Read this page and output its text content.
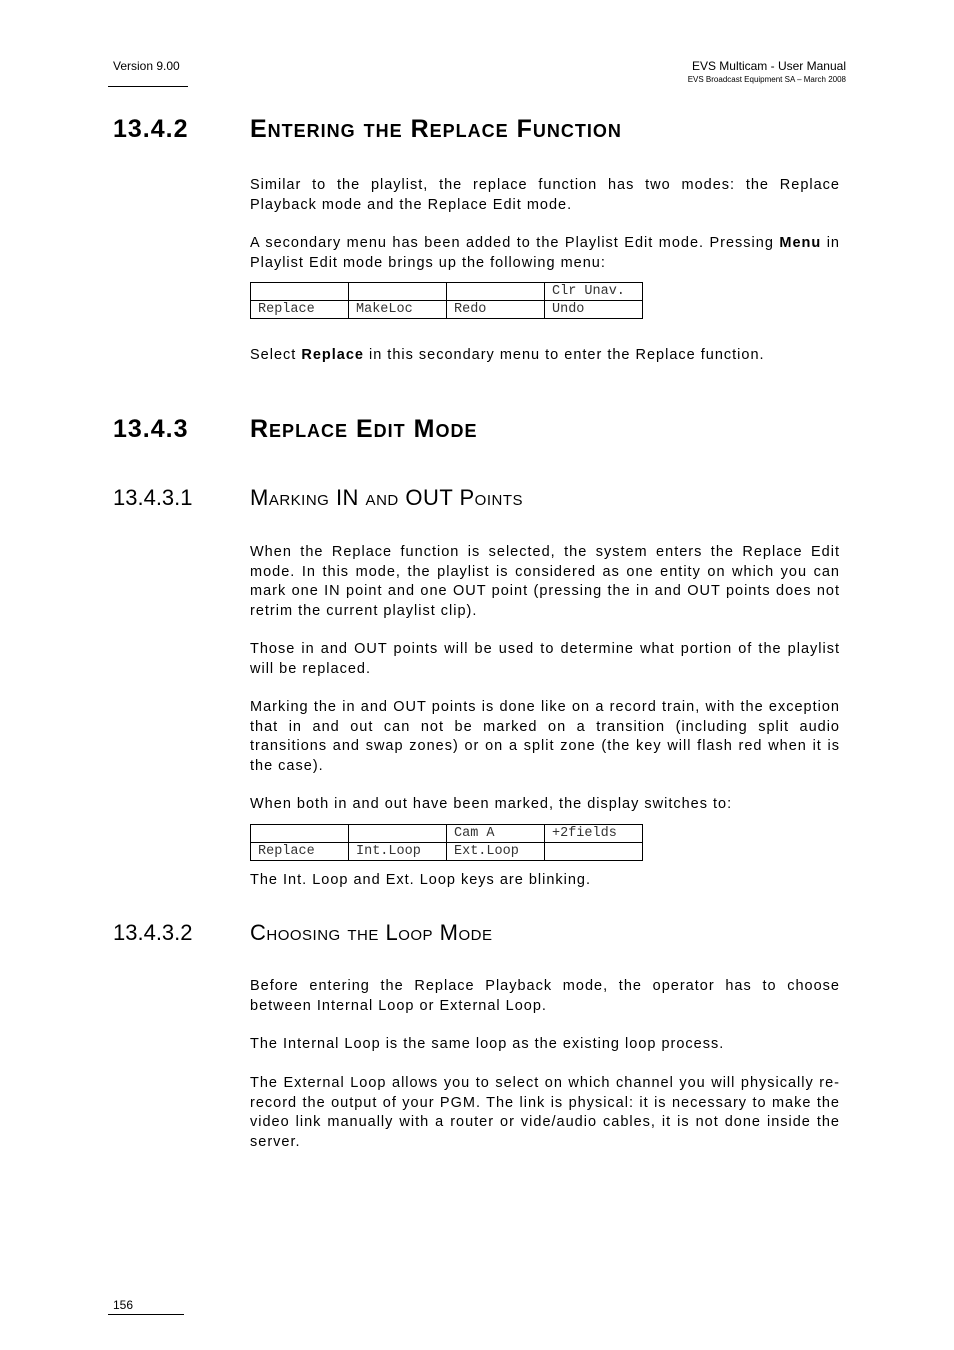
Version 9.00	EVS Multicam - User Manual
EVS Broadcast Equipment SA – March 2008
13.4.2 Entering the Replace Function
Similar to the playlist, the replace function has two modes: the Replace Playback mode and the Replace Edit mode.
A secondary menu has been added to the Playlist Edit mode. Pressing Menu in Playlist Edit mode brings up the following menu:
			Clr Unav.
Replace	MakeLoc	Redo	Undo
Select Replace in this secondary menu to enter the Replace function.
13.4.3 Replace Edit Mode
13.4.3.1	Marking IN and OUT Points
When the Replace function is selected, the system enters the Replace Edit mode. In this mode, the playlist is considered as one entity on which you can mark one IN point and one OUT point (pressing the in and OUT points does not retrim the current playlist clip).
Those in and OUT points will be used to determine what portion of the playlist will be replaced.
Marking the in and OUT points is done like on a record train, with the exception that in and out can not be marked on a transition (including split audio transitions and swap zones) or on a split zone (the key will flash red when it is the case).
When both in and out have been marked, the display switches to:
		Cam A	+2fields
Replace	Int.Loop	Ext.Loop	
The Int. Loop and Ext. Loop keys are blinking.
13.4.3.2	Choosing the Loop Mode
Before entering the Replace Playback mode, the operator has to choose between Internal Loop or External Loop.
The Internal Loop is the same loop as the existing loop process.
The External Loop allows you to select on which channel you will physically re-record the output of your PGM. The link is physical: it is necessary to make the video link manually with a router or vide/audio cables, it is not done inside the server.
156
